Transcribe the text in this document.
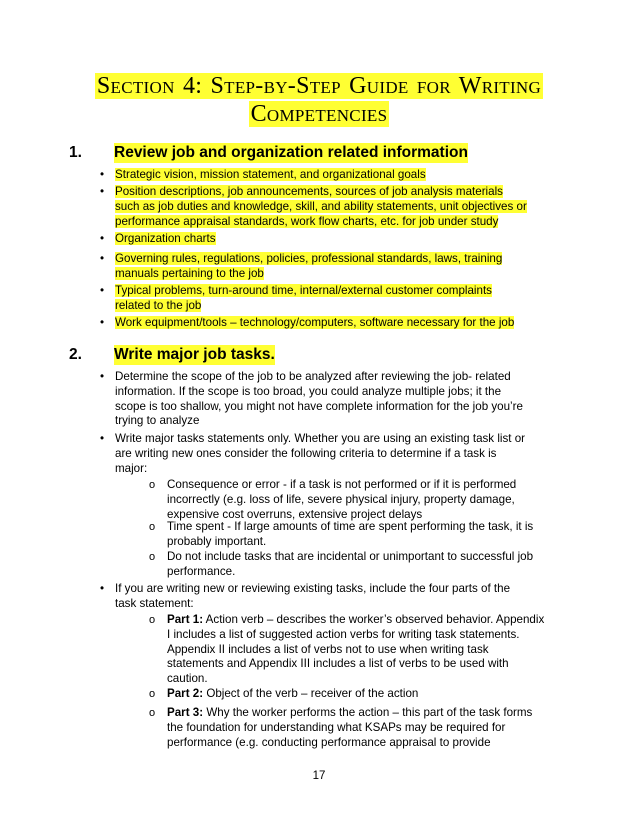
Section 4: Step-by-Step Guide for Writing
Competencies
1. Review job and organization related information
• Strategic vision, mission statement, and organizational goals
• Position descriptions, job announcements, sources of job analysis materials such as job duties and knowledge, skill, and ability statements, unit objectives or performance appraisal standards, work flow charts, etc. for job under study
• Organization charts
• Governing rules, regulations, policies, professional standards, laws, training manuals pertaining to the job
• Typical problems, turn-around time, internal/external customer complaints related to the job
• Work equipment/tools – technology/computers, software necessary for the job
2. Write major job tasks.
• Determine the scope of the job to be analyzed after reviewing the job- related information. If the scope is too broad, you could analyze multiple jobs; it the scope is too shallow, you might not have complete information for the job you’re trying to analyze
• Write major tasks statements only. Whether you are using an existing task list or are writing new ones consider the following criteria to determine if a task is major:
o Consequence or error - if a task is not performed or if it is performed incorrectly (e.g. loss of life, severe physical injury, property damage, expensive cost overruns, extensive project delays
o Time spent - If large amounts of time are spent performing the task, it is probably important.
o Do not include tasks that are incidental or unimportant to successful job performance.
• If you are writing new or reviewing existing tasks, include the four parts of the task statement:
o Part 1: Action verb – describes the worker’s observed behavior. Appendix I includes a list of suggested action verbs for writing task statements. Appendix II includes a list of verbs not to use when writing task statements and Appendix III includes a list of verbs to be used with caution.
o Part 2: Object of the verb – receiver of the action
o Part 3: Why the worker performs the action – this part of the task forms the foundation for understanding what KSAPs may be required for performance (e.g. conducting performance appraisal to provide
17
